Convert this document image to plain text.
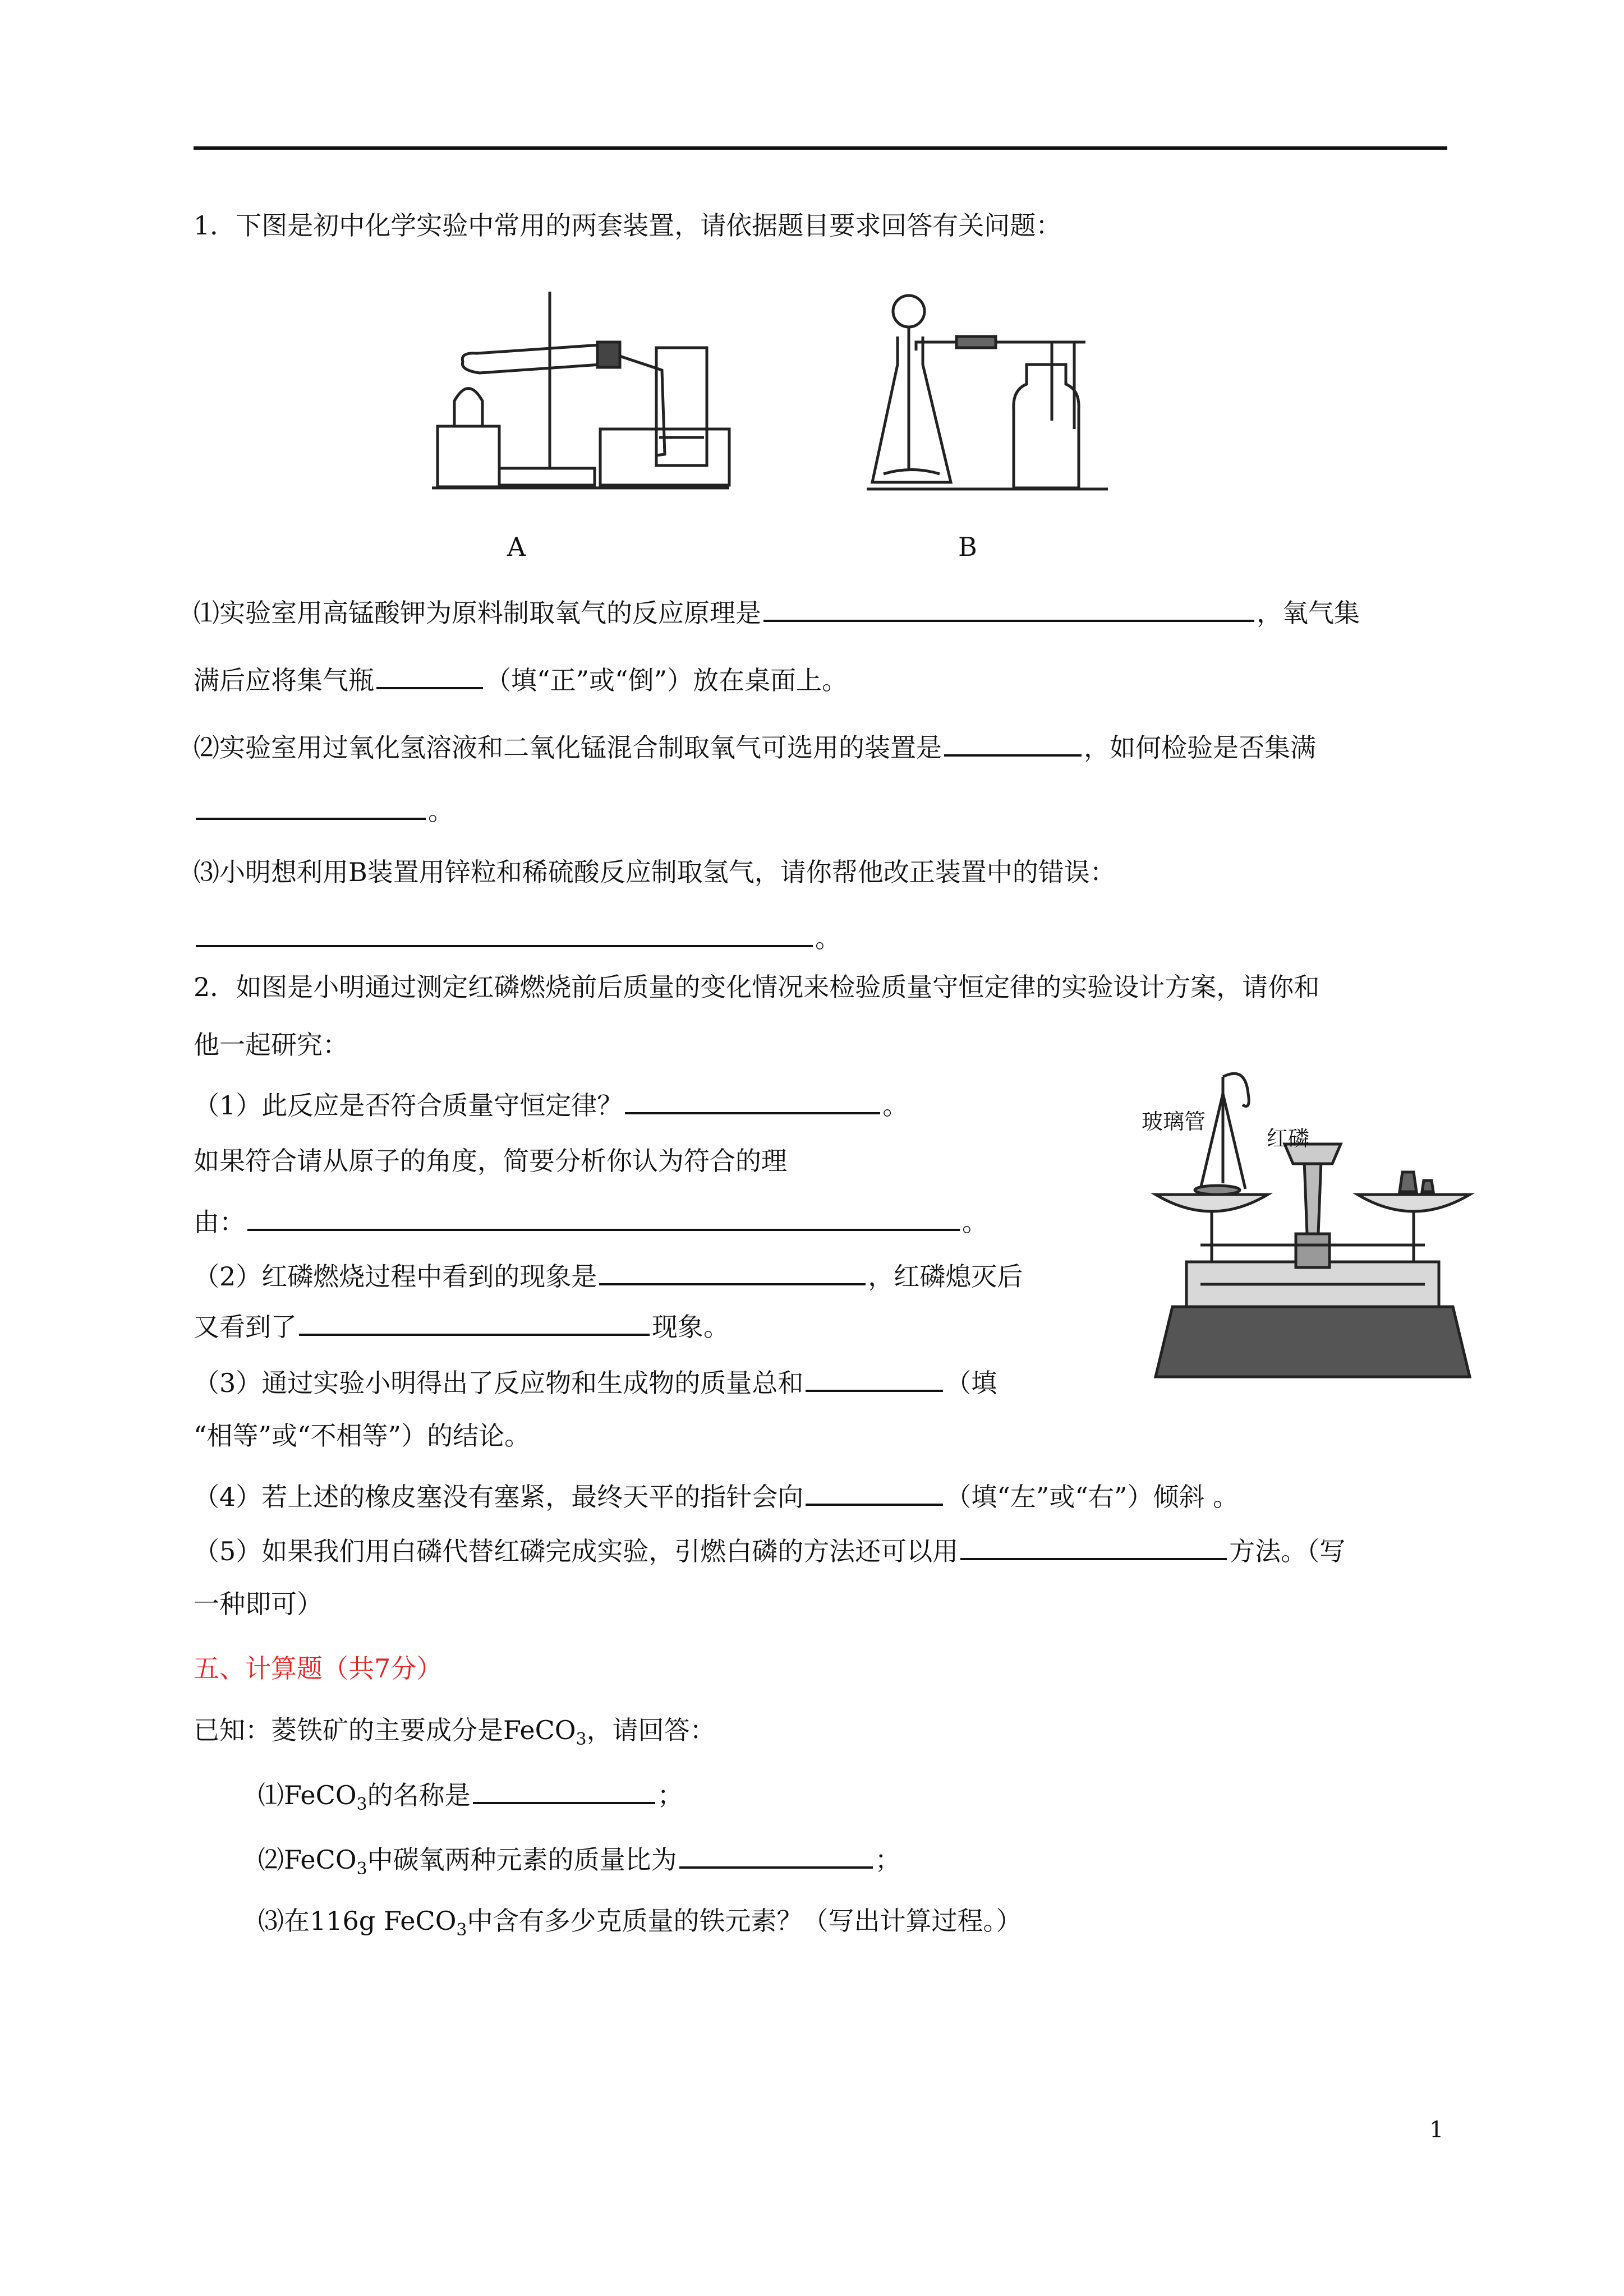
1．下图是初中化学实验中常用的两套装置，请依据题目要求回答有关问题：
A	B
⑴实验室用高锰酸钾为原料制取氧气的反应原理是	，氧气集
满后应将集气瓶	（填“正”或“倒”）放在桌面上。
⑵实验室用过氧化氢溶液和二氧化锰混合制取氧气可选用的装置是	，如何检验是否集满
。
⑶小明想利用B装置用锌粒和稀硫酸反应制取氢气，请你帮他改正装置中的错误：
。
2．如图是小明通过测定红磷燃烧前后质量的变化情况来检验质量守恒定律的实验设计方案，请你和
他一起研究：
（1）此反应是否符合质量守恒定律？	。
如果符合请从原子的角度，简要分析你认为符合的理
由：	。
（2）红磷燃烧过程中看到的现象是	，红磷熄灭后
又看到了	现象。
（3）通过实验小明得出了反应物和生成物的质量总和	（填
“相等”或“不相等”）的结论。
（4）若上述的橡皮塞没有塞紧，最终天平的指针会向	（填“左”或“右”）倾斜 。
（5）如果我们用白磷代替红磷完成实验，引燃白磷的方法还可以用	方法。（写
一种即可）
玻璃管
红磷
五、计算题（共7分）
已知：菱铁矿的主要成分是FeCO$_3$，请回答：
⑴FeCO$_3$的名称是	；
⑵FeCO$_3$中碳氧两种元素的质量比为	；
⑶在116g FeCO$_3$中含有多少克质量的铁元素？（写出计算过程。）
1
